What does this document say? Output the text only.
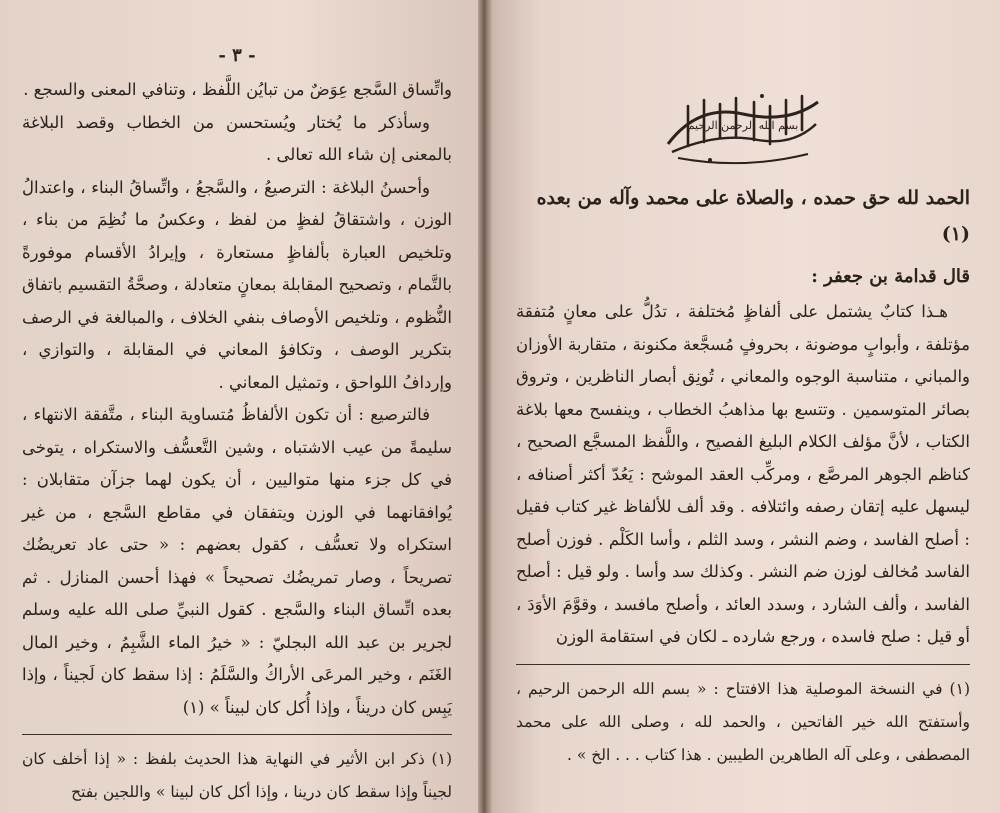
- ٣ -

واتِّساق السَّجع عِوَضٌ من تبايُن اللَّفظ ، وتنافي المعنى والسجع .

وسأذكر ما يُختار ويُستحسن من الخطاب وقصد البلاغة بالمعنى إن شاء الله تعالى .

وأحسنُ البلاغة : الترصيعُ ، والسَّجعُ ، واتِّساقُ البناء ، واعتدالُ الوزن ، واشتقاقُ لفظٍ من لفظ ، وعكسُ ما نُظِمَ من بناء ، وتلخيص العبارة بألفاظٍ مستعارة ، وإيرادُ الأقسام موفورةً بالتَّمام ، وتصحيح المقابلة بمعانٍ متعادلة ، وصحَّةُ التقسيم باتفاق النُّظوم ، وتلخيص الأوصاف بنفي الخلاف ، والمبالغة في الرصف بتكرير الوصف ، وتكافؤ المعاني في المقابلة ، والتوازي ، وإردافُ اللواحق ، وتمثيل المعاني .

فالترصيع : أن تكون الألفاظُ مُتساوية البناء ، متَّفقة الانتهاء ، سليمةً من عيب الاشتباه ، وشين التَّعسُّف والاستكراه ، يتوخى في كل جزء منها متواليين ، أن يكون لهما جزآن متقابلان : يُوافقانهما في الوزن ويتفقان في مقاطع السَّجع ، من غير استكراه ولا تعسُّف ، كقول بعضهم : « حتى عاد تعريضُك تصريحاً ، وصار تمريضُك تصحيحاً » فهذا أحسن المنازل . ثم بعده اتِّساق البناء والسَّجع . كقول النبيِّ صلى الله عليه وسلم لجرير بن عبد الله البجليّ : « خيرُ الماء الشَّبِمُ ، وخير المال الغَنَم ، وخير المرعَى الأراكُ والسَّلَمُ : إذا سقط كان لَجيناً ، وإذا يَبِس كان دريناً ، وإذا أُكل كان لبيناً » (١)

(١) ذكر ابن الأثير في النهاية هذا الحديث بلفظ : « إذا أخلف كان لجيناً وإذا سقط كان درينا ، وإذا أكل كان لبينا » واللجين بفتح

بسم الله الرحمن الرحيم
الحمد لله حق حمده ، والصلاة على محمد وآله من بعده (١)
قال قدامة بن جعفر :

هـذا كتابٌ يشتمل على ألفاظٍ مُختلفة ، تدُلُّ على معانٍ مُتفقة مؤتلفة ، وأبوابٍ موضونة ، بحروفٍ مُسجَّعة مكنونة ، متقاربة الأوزان والمباني ، متناسبة الوجوه والمعاني ، تُونِق أبصار الناظرين ، وتروق بصائر المتوسمين . وتتسع بها مذاهبُ الخطاب ، وينفسح معها بلاغة الكتاب ، لأنَّ مؤلف الكلام البليغ الفصيح ، واللَّفظ المسجَّع الصحيح ، كناظم الجوهر المرصَّع ، ومركِّب العقد الموشح : يَعُدّ أكثر أصنافه ، ليسهل عليه إتقان رصفه وائتلافه . وقد ألف للألفاظ غير كتاب فقيل : أصلح الفاسد ، وضم النشر ، وسد الثلم ، وأسا الكَلْم . فوزن أصلح الفاسد مُخالف لوزن ضم النشر . وكذلك سد وأسا . ولو قيل : أصلح الفاسد ، وألف الشارد ، وسدد العائد ، وأصلح مافسد ، وقوَّمَ الأوَدَ ، أو قيل : صلح فاسده ، ورجع شارده ـ لكان في استقامة الوزن

(١) في النسخة الموصلية هذا الافتتاح : « بسم الله الرحمن الرحيم ، وأستفتح الله خير الفاتحين ، والحمد لله ، وصلى الله على محمد المصطفى ، وعلى آله الطاهرين الطيبين . هذا كتاب . . . الخ » .
